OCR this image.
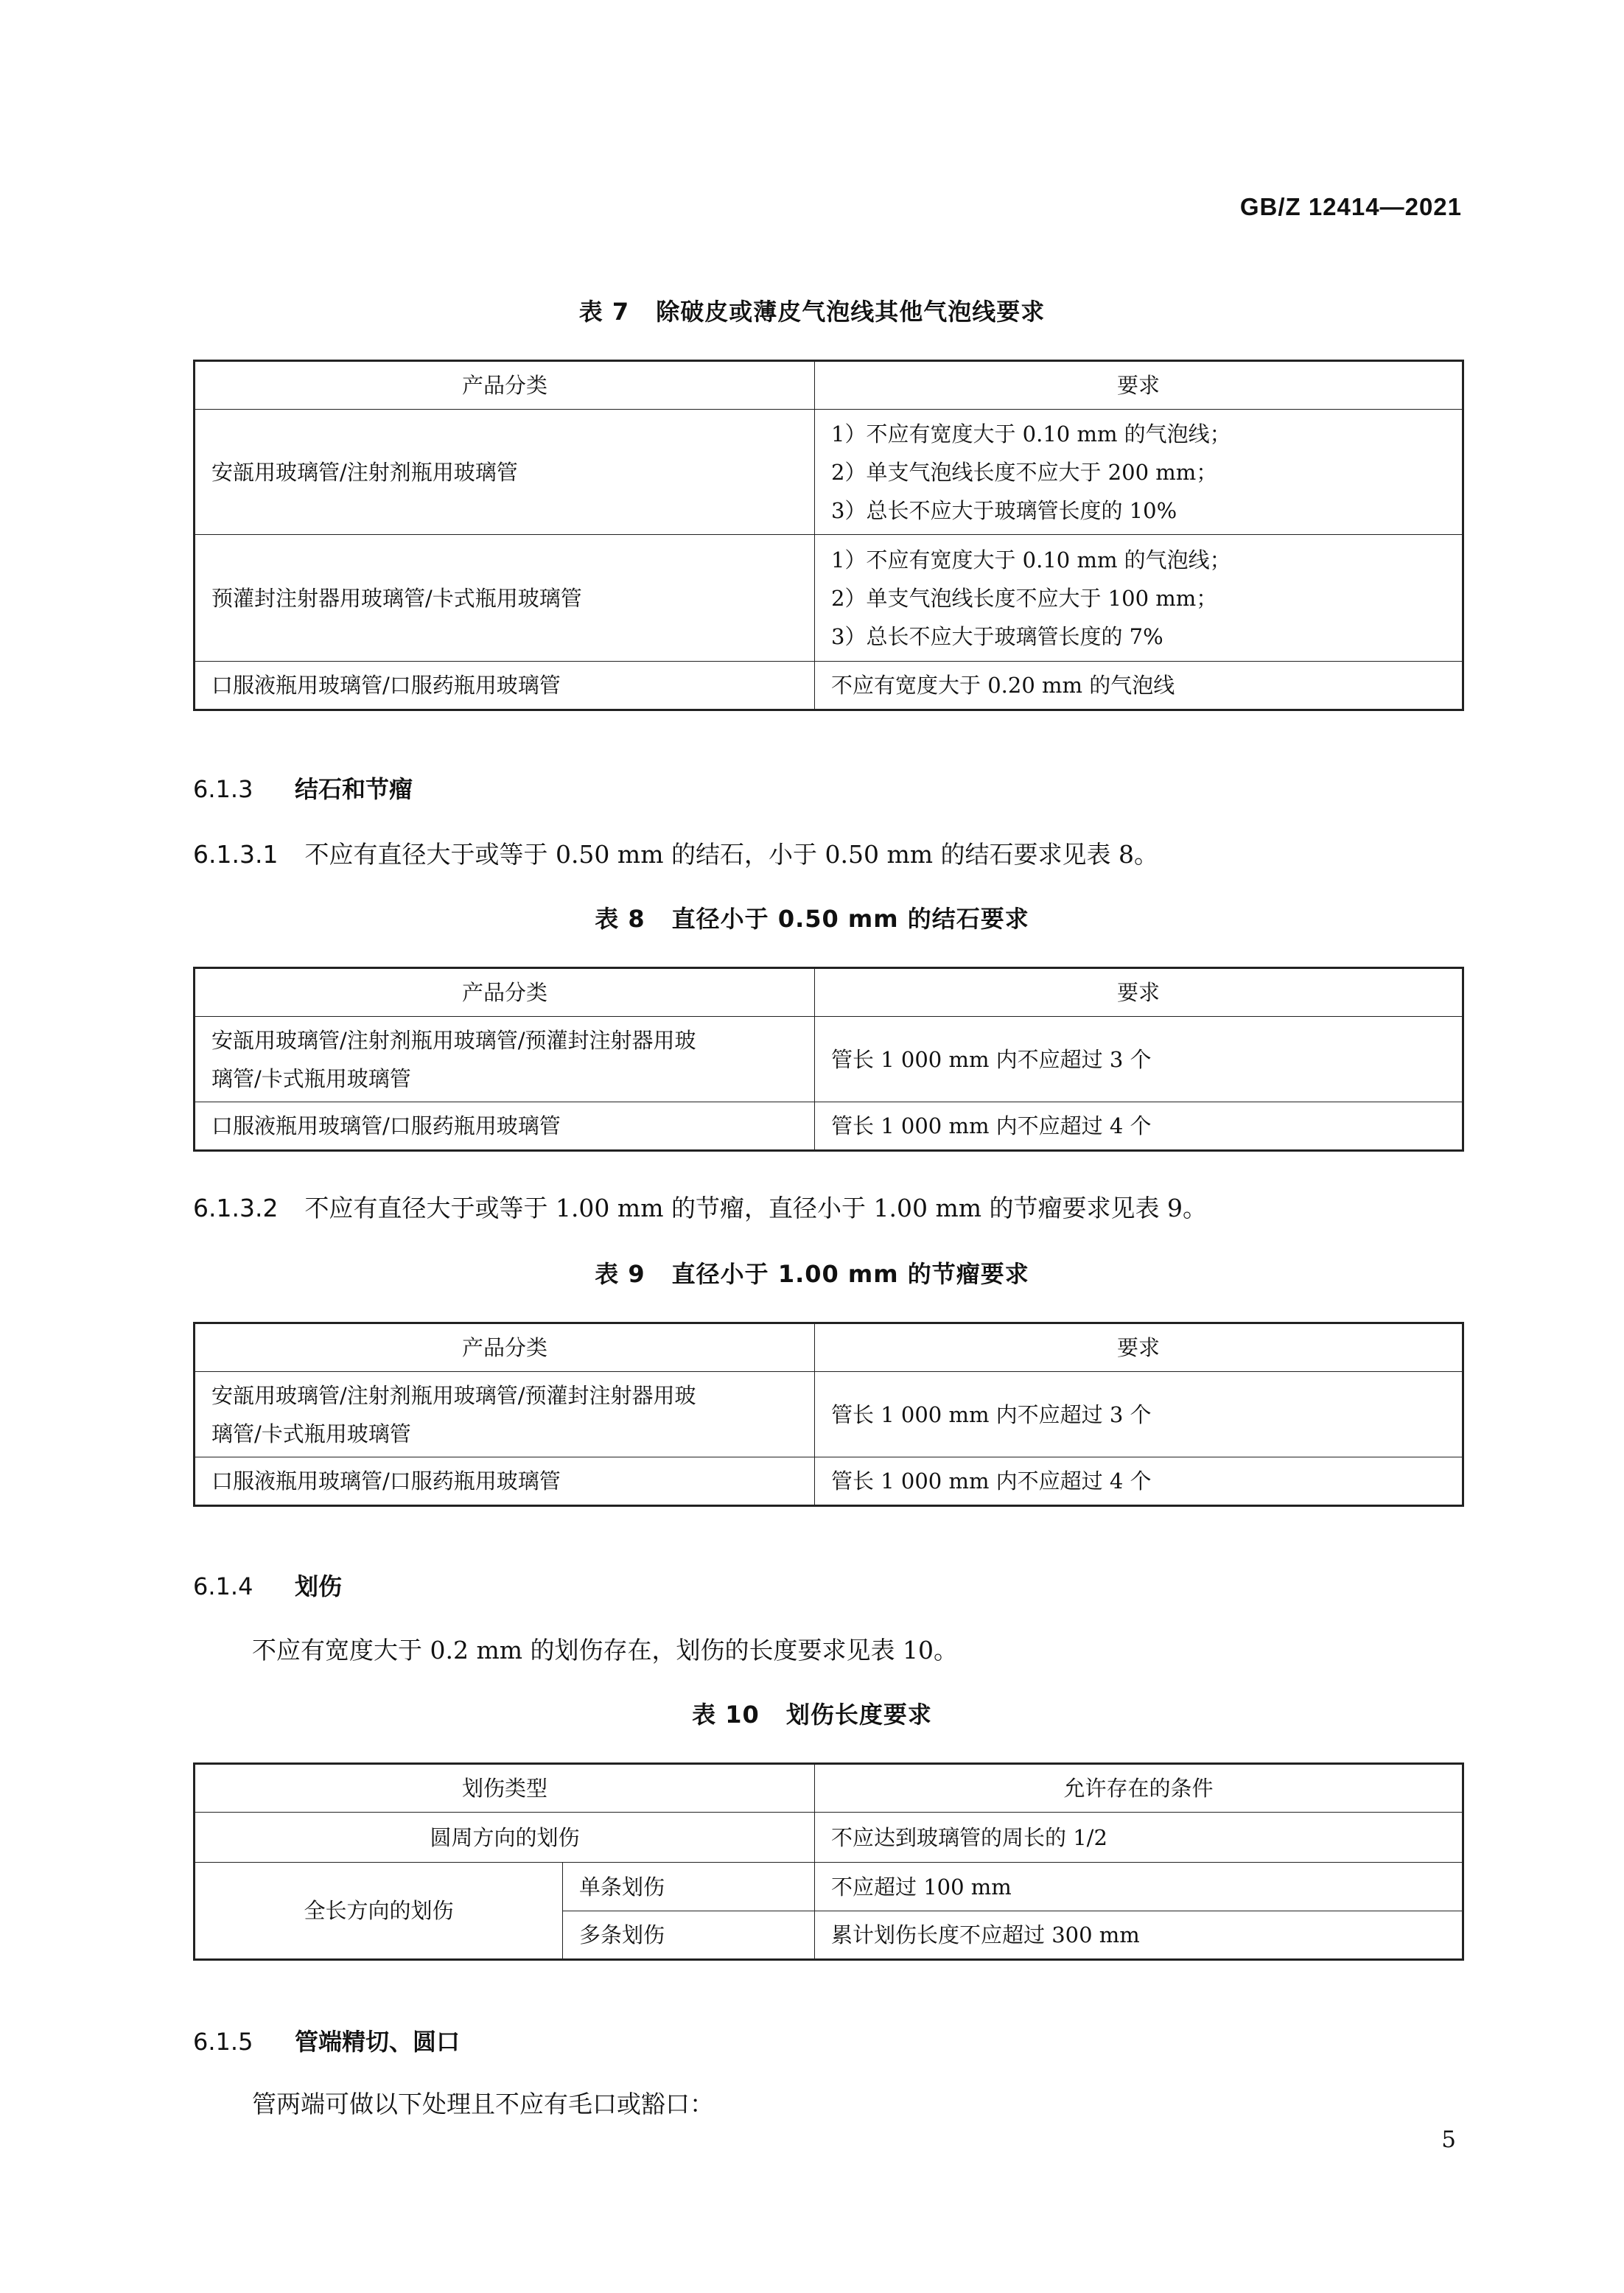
GB/Z 12414—2021
表 7 除破皮或薄皮气泡线其他气泡线要求
产品分类	要求
安瓿用玻璃管/注射剂瓶用玻璃管	1）不应有宽度大于 0.10 mm 的气泡线；
2）单支气泡线长度不应大于 200 mm；
3）总长不应大于玻璃管长度的 10%

预灌封注射器用玻璃管/卡式瓶用玻璃管	1）不应有宽度大于 0.10 mm 的气泡线；
2）单支气泡线长度不应大于 100 mm；
3）总长不应大于玻璃管长度的 7%

口服液瓶用玻璃管/口服药瓶用玻璃管	不应有宽度大于 0.20 mm 的气泡线
6.1.3 结石和节瘤
6.1.3.1 不应有直径大于或等于 0.50 mm 的结石，小于 0.50 mm 的结石要求见表 8。
表 8 直径小于 0.50 mm 的结石要求
产品分类	要求

安瓿用玻璃管/注射剂瓶用玻璃管/预灌封注射器用玻
璃管/卡式瓶用玻璃管	管长 1 000 mm 内不应超过 3 个
口服液瓶用玻璃管/口服药瓶用玻璃管	管长 1 000 mm 内不应超过 4 个
6.1.3.2 不应有直径大于或等于 1.00 mm 的节瘤，直径小于 1.00 mm 的节瘤要求见表 9。
表 9 直径小于 1.00 mm 的节瘤要求
产品分类	要求

安瓿用玻璃管/注射剂瓶用玻璃管/预灌封注射器用玻
璃管/卡式瓶用玻璃管	管长 1 000 mm 内不应超过 3 个
口服液瓶用玻璃管/口服药瓶用玻璃管	管长 1 000 mm 内不应超过 4 个
6.1.4 划伤
不应有宽度大于 0.2 mm 的划伤存在，划伤的长度要求见表 10。
表 10 划伤长度要求
划伤类型		允许存在的条件
圆周方向的划伤		不应达到玻璃管的周长的 1/2
全长方向的划伤	单条划伤	不应超过 100 mm
	多条划伤	累计划伤长度不应超过 300 mm
6.1.5 管端精切、圆口
管两端可做以下处理且不应有毛口或豁口：
5
